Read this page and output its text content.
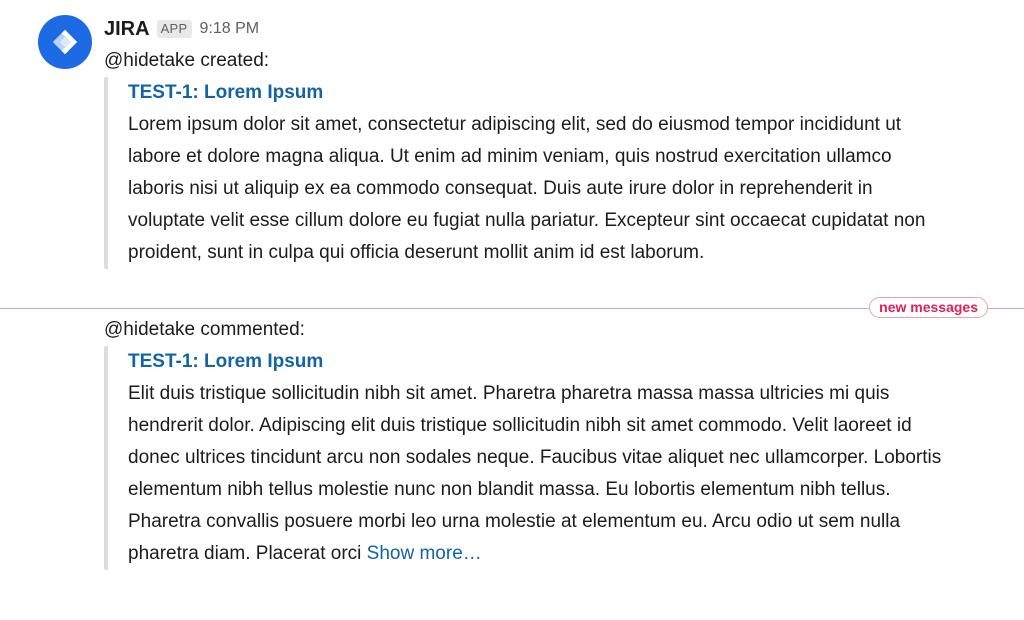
JIRA APP 9:18 PM
@hidetake created:
TEST-1: Lorem Ipsum
Lorem ipsum dolor sit amet, consectetur adipiscing elit, sed do eiusmod tempor incididunt ut labore et dolore magna aliqua. Ut enim ad minim veniam, quis nostrud exercitation ullamco laboris nisi ut aliquip ex ea commodo consequat. Duis aute irure dolor in reprehenderit in voluptate velit esse cillum dolore eu fugiat nulla pariatur. Excepteur sint occaecat cupidatat non proident, sunt in culpa qui officia deserunt mollit anim id est laborum.
new messages
@hidetake commented:
TEST-1: Lorem Ipsum
Elit duis tristique sollicitudin nibh sit amet. Pharetra pharetra massa massa ultricies mi quis hendrerit dolor. Adipiscing elit duis tristique sollicitudin nibh sit amet commodo. Velit laoreet id donec ultrices tincidunt arcu non sodales neque. Faucibus vitae aliquet nec ullamcorper. Lobortis elementum nibh tellus molestie nunc non blandit massa. Eu lobortis elementum nibh tellus. Pharetra convallis posuere morbi leo urna molestie at elementum eu. Arcu odio ut sem nulla pharetra diam. Placerat orci Show more…
